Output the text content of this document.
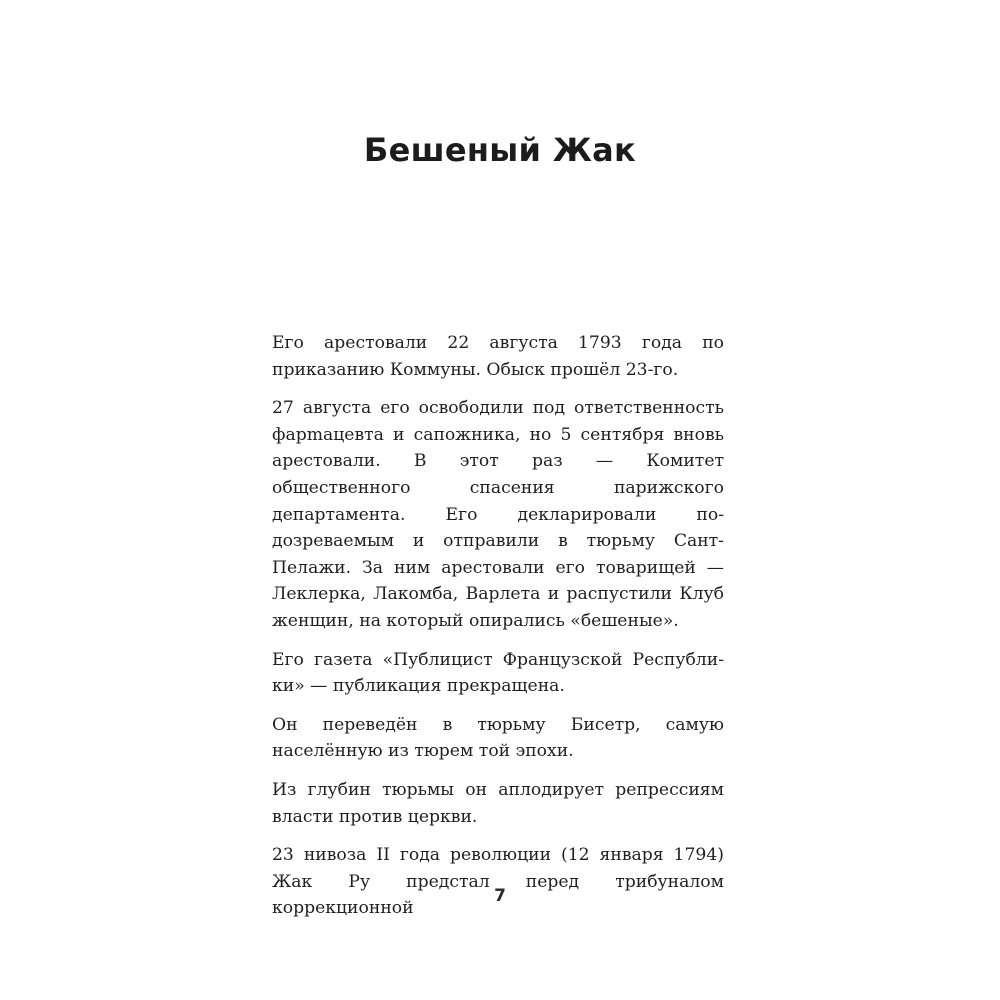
Бешеный Жак

Его арестовали 22 августа 1793 года по приказанию Коммуны. Обыск прошёл 23-го.

27 августа его освободили под ответственность фарmацевта и сапожника, но 5 сентября вновь арестовали. В этот раз — Комитет общественного спасения парижского департамента. Его декларировали подозреваемым и отправили в тюрьму Сант-Пелажи. За ним арестовали его товарищей — Леклерка, Лакомба, Варлета и распустили Клуб женщин, на который опирались «бешеные».

Его газета «Публицист Французской Республики» — публикация прекращена.

Он переведён в тюрьму Бисетр, самую населённую из тюрем той эпохи.

Из глубин тюрьмы он аплодирует репрессиям власти против церкви.

23 нивоза II года революции (12 января 1794) Жак Ру предстал перед трибуналом коррекционной

7
